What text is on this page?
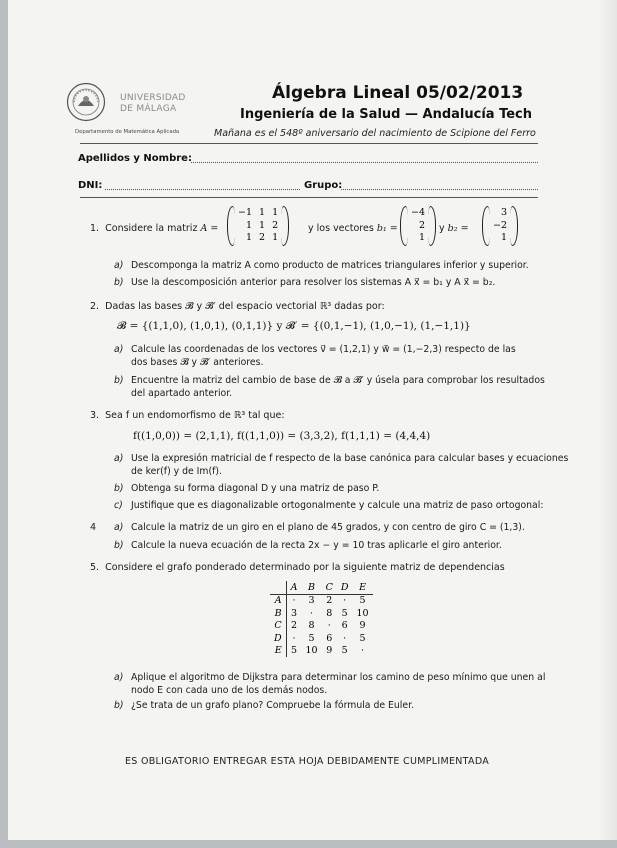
UNIVERSIDAD
DE MÁLAGA
Departamento de Matemática Aplicada
Álgebra Lineal 05/02/2013
Ingeniería de la Salud — Andalucía Tech
Mañana es el 548º aniversario del nacimiento de Scipione del Ferro
Apellidos y Nombre:
DNI:	Grupo:
1. Considere la matriz A =
−1 1 1
1 1 2
1 2 1
y los vectores b₁ =
−4
2
1
y b₂ =
3
−2
1
a) Descomponga la matriz A como producto de matrices triangulares inferior y superior.
b) Use la descomposición anterior para resolver los sistemas A x⃗ = b₁ y A x⃗ = b₂.
2. Dadas las bases 𝓑 y 𝓑′ del espacio vectorial ℝ³ dadas por:
𝓑 = {(1,1,0), (1,0,1), (0,1,1)} y 𝓑′ = {(0,1,−1), (1,0,−1), (1,−1,1)}
a) Calcule las coordenadas de los vectores v⃗ = (1,2,1) y w⃗ = (1,−2,3) respecto de las
dos bases 𝓑 y 𝓑′ anteriores.
b) Encuentre la matriz del cambio de base de 𝓑 a 𝓑′ y úsela para comprobar los resultados
del apartado anterior.
3. Sea f un endomorfismo de ℝ³ tal que:
f((1,0,0)) = (2,1,1), f((1,1,0)) = (3,3,2), f(1,1,1) = (4,4,4)
a) Use la expresión matricial de f respecto de la base canónica para calcular bases y ecuaciones
de ker(f) y de Im(f).
b) Obtenga su forma diagonal D y una matriz de paso P.
c) Justifique que es diagonalizable ortogonalmente y calcule una matriz de paso ortogonal:
4 a) Calcule la matriz de un giro en el plano de 45 grados, y con centro de giro C = (1,3).
b) Calcule la nueva ecuación de la recta 2x − y = 10 tras aplicarle el giro anterior.
5. Considere el grafo ponderado determinado por la siguiente matriz de dependencias
	A	B	C	D	E
A	·	3	2	·	5
B	3	·	8	5	10
C	2	8	·	6	9
D	·	5	6	·	5
E	5	10	9	5	·
a) Aplique el algoritmo de Dijkstra para determinar los camino de peso mínimo que unen al
nodo E con cada uno de los demás nodos.
b) ¿Se trata de un grafo plano? Compruebe la fórmula de Euler.
ES OBLIGATORIO ENTREGAR ESTA HOJA DEBIDAMENTE CUMPLIMENTADA
